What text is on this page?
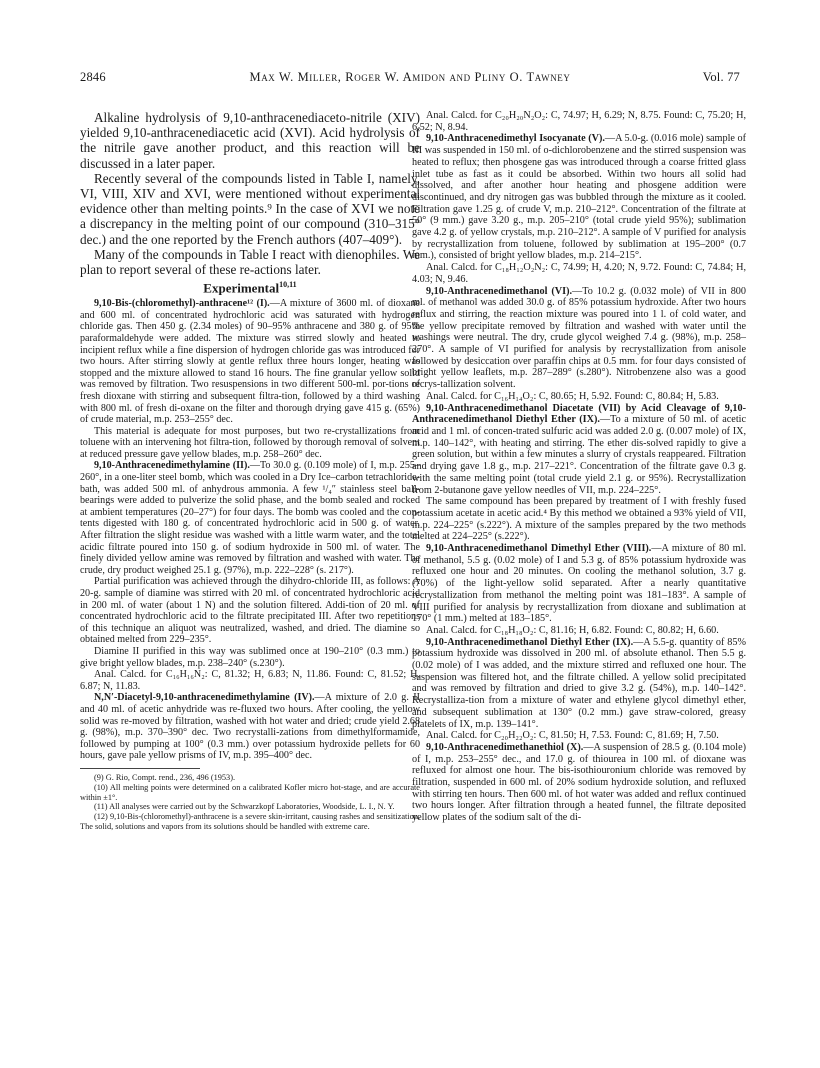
2846	Max W. Miller, Roger W. Amidon and Pliny O. Tawney	Vol. 77

Alkaline hydrolysis of 9,10-anthracenediaceto-nitrile (XIV) yielded 9,10-anthracenediacetic acid (XVI). Acid hydrolysis of the nitrile gave another product, and this reaction will be discussed in a later paper.

Recently several of the compounds listed in Table I, namely, VI, VIII, XIV and XVI, were mentioned without experimental evidence other than melting points.⁹ In the case of XVI we note a discrepancy in the melting point of our compound (310–315° dec.) and the one reported by the French authors (407–409°).

Many of the compounds in Table I react with dienophiles. We plan to report several of these re-actions later.

Experimental$^{10,11}$

9,10-Bis-(chloromethyl)-anthracene¹² (I).—A mixture of 3600 ml. of dioxane and 600 ml. of concentrated hydrochloric acid was saturated with hydrogen chloride gas. Then 450 g. (2.34 moles) of 90–95% anthracene and 380 g. of 95% paraformaldehyde were added. The mixture was stirred slowly and heated to incipient reflux while a fine dispersion of hydrogen chloride gas was introduced for two hours. After stirring slowly at gentle reflux three hours longer, heating was stopped and the mixture allowed to stand 16 hours. The fine granular yellow solid was removed by filtration. Two resuspensions in two different 500-ml. por-tions of fresh dioxane with stirring and subsequent filtra-tion, followed by a third washing with 800 ml. of fresh di-oxane on the filter and thorough drying gave 415 g. (65%) of crude material, m.p. 253–255° dec.

This material is adequate for most purposes, but two re-crystallizations from toluene with an intervening hot filtra-tion, followed by thorough removal of solvent at reduced pressure gave yellow blades, m.p. 258–260° dec.

9,10-Anthracenedimethylamine (II).—To 30.0 g. (0.109 mole) of I, m.p. 255–260°, in a one-liter steel bomb, which was cooled in a Dry Ice–carbon tetrachloride-bath, was added 500 ml. of anhydrous ammonia. A few ¹/₄″ stainless steel ball-bearings were added to pulverize the solid phase, and the bomb sealed and rocked at ambient temperatures (20–27°) for four days. The bomb was cooled and the con-tents digested with 180 g. of concentrated hydrochloric acid in 500 g. of water. After filtration the slight residue was washed with a little warm water, and the total acidic filtrate poured into 150 g. of sodium hydroxide in 500 ml. of water. The finely divided yellow amine was removed by filtration and washed with water. The crude, dry product weighed 25.1 g. (97%), m.p. 222–228° (s. 217°).

Partial purification was achieved through the dihydro-chloride III, as follows: A 20-g. sample of diamine was stirred with 20 ml. of concentrated hydrochloric acid in 200 ml. of water (about 1 N) and the solution filtered. Addi-tion of 20 ml. of concentrated hydrochloric acid to the filtrate precipitated III. After two repetitions of this technique an aliquot was neutralized, washed, and dried. The diamine so obtained melted from 229–235°.

Diamine II purified in this way was sublimed once at 190–210° (0.3 mm.) to give bright yellow blades, m.p. 238–240° (s.230°).

Anal. Calcd. for C₁₆H₁₆N₂: C, 81.32; H, 6.83; N, 11.86. Found: C, 81.52; H, 6.87; N, 11.83.

N,N′-Diacetyl-9,10-anthracenedimethylamine (IV).—A mixture of 2.0 g. II and 40 ml. of acetic anhydride was re-fluxed two hours. After cooling, the yellow solid was re-moved by filtration, washed with hot water and dried; crude yield 2.68 g. (98%), m.p. 370–390° dec. Two recrystalli-zations from dimethylformamide, followed by pumping at 100° (0.3 mm.) over potassium hydroxide pellets for 60 hours, gave pale yellow prisms of IV, m.p. 395–400° dec.

(9) G. Rio, Compt. rend., 236, 496 (1953).

(10) All melting points were determined on a calibrated Kofler micro hot-stage, and are accurate within ±1°.

(11) All analyses were carried out by the Schwarzkopf Laboratories, Woodside, L. I., N. Y.

(12) 9,10-Bis-(chloromethyl)-anthracene is a severe skin-irritant, causing rashes and sensitization. The solid, solutions and vapors from its solutions should be handled with extreme care.

Anal. Calcd. for C₂₀H₂₀N₂O₂: C, 74.97; H, 6.29; N, 8.75. Found: C, 75.20; H, 6.52; N, 8.94.

9,10-Anthracenedimethyl Isocyanate (V).—A 5.0-g. (0.016 mole) sample of III was suspended in 150 ml. of o-dichlorobenzene and the stirred suspension was heated to reflux; then phosgene gas was introduced through a coarse fritted glass inlet tube as fast as it could be absorbed. Within two hours all solid had dissolved, and after another hour heating and phosgene addition were discontinued, and dry nitrogen gas was bubbled through the mixture as it cooled. Filtration gave 1.25 g. of crude V, m.p. 210–212°. Concentration of the filtrate at 50° (9 mm.) gave 3.20 g., m.p. 205–210° (total crude yield 95%); sublimation gave 4.2 g. of yellow crystals, m.p. 210–212°. A sample of V purified for analysis by recrystallization from toluene, followed by sublimation at 195–200° (0.7 mm.), consisted of bright yellow blades, m.p. 214–215°.

Anal. Calcd. for C₁₈H₁₂O₂N₂: C, 74.99; H, 4.20; N, 9.72. Found: C, 74.84; H, 4.03; N, 9.46.

9,10-Anthracenedimethanol (VI).—To 10.2 g. (0.032 mole) of VII in 800 ml. of methanol was added 30.0 g. of 85% potassium hydroxide. After two hours reflux and stirring, the reaction mixture was poured into 1 l. of cold water, and the yellow precipitate removed by filtration and washed with water until the washings were neutral. The dry, crude glycol weighed 7.4 g. (98%), m.p. 258–270°. A sample of VI purified for analysis by recrystallization from anisole followed by desiccation over paraffin chips at 0.5 mm. for four days consisted of bright yellow leaflets, m.p. 287–289° (s.280°). Nitrobenzene also was a good recrys-tallization solvent.

Anal. Calcd. for C₁₆H₁₄O₂: C, 80.65; H, 5.92. Found: C, 80.84; H, 5.83.

9,10-Anthracenedimethanol Diacetate (VII) by Acid Cleavage of 9,10-Anthracenedimethanol Diethyl Ether (IX).—To a mixture of 50 ml. of acetic acid and 1 ml. of concen-trated sulfuric acid was added 2.0 g. (0.007 mole) of IX, m.p. 140–142°, with heating and stirring. The ether dis-solved rapidly to give a green solution, but within a few minutes a slurry of crystals reappeared. Filtration and drying gave 1.8 g., m.p. 217–221°. Concentration of the filtrate gave 0.3 g. with the same melting point (total crude yield 2.1 g. or 95%). Recrystallization from 2-butanone gave yellow needles of VII, m.p. 224–225°.

The same compound has been prepared by treatment of I with freshly fused potassium acetate in acetic acid.⁴ By this method we obtained a 93% yield of VII, m.p. 224–225° (s.222°). A mixture of the samples prepared by the two methods melted at 224–225° (s.222°).

9,10-Anthracenedimethanol Dimethyl Ether (VIII).—A mixture of 80 ml. of methanol, 5.5 g. (0.02 mole) of I and 5.3 g. of 85% potassium hydroxide was refluxed one hour and 20 minutes. On cooling the methanol solution, 3.7 g. (70%) of the light-yellow solid separated. After a nearly quantitative recrystallization from methanol the melting point was 181–183°. A sample of VIII purified for analysis by recrystallization from dioxane and sublimation at 170° (1 mm.) melted at 183–185°.

Anal. Calcd. for C₁₈H₁₈O₂: C, 81.16; H, 6.82. Found: C, 80.82; H, 6.60.

9,10-Anthracenedimethanol Diethyl Ether (IX).—A 5.5-g. quantity of 85% potassium hydroxide was dissolved in 200 ml. of absolute ethanol. Then 5.5 g. (0.02 mole) of I was added, and the mixture stirred and refluxed one hour. The suspension was filtered hot, and the filtrate chilled. A yellow solid precipitated and was removed by filtration and dried to give 3.2 g. (54%), m.p. 140–142°. Recrystalliza-tion from a mixture of water and ethylene glycol dimethyl ether, and subsequent sublimation at 130° (0.2 mm.) gave straw-colored, greasy platelets of IX, m.p. 139–141°.

Anal. Calcd. for C₂₀H₂₂O₂: C, 81.50; H, 7.53. Found: C, 81.69; H, 7.50.

9,10-Anthracenedimethanethiol (X).—A suspension of 28.5 g. (0.104 mole) of I, m.p. 253–255° dec., and 17.0 g. of thiourea in 100 ml. of dioxane was refluxed for almost one hour. The bis-isothiouronium chloride was removed by filtration, suspended in 600 ml. of 20% sodium hydroxide solution, and refluxed with stirring ten hours. Then 600 ml. of hot water was added and reflux continued two hours longer. After filtration through a heated funnel, the filtrate deposited yellow plates of the sodium salt of the di-
